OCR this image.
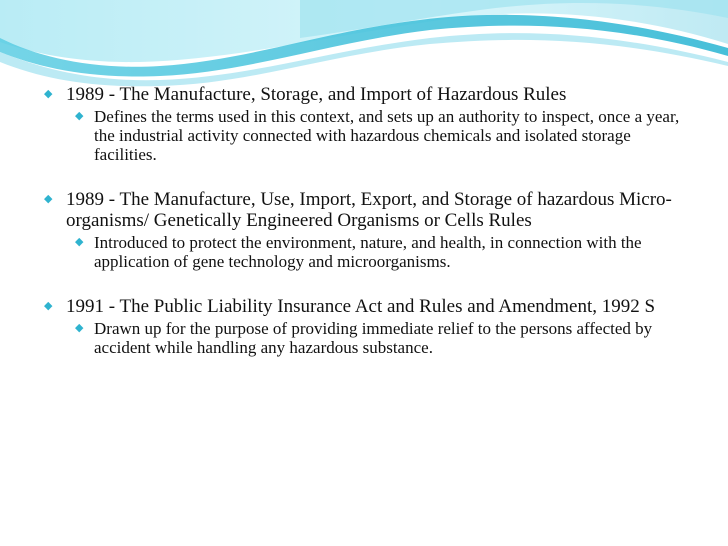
◆ 1989 - The Manufacture, Storage, and Import of Hazardous Rules
◆ Defines the terms used in this context, and sets up an authority to inspect, once a year, the industrial activity connected with hazardous chemicals and isolated storage facilities.
◆ 1989 - The Manufacture, Use, Import, Export, and Storage of hazardous Micro-organisms/ Genetically Engineered Organisms or Cells Rules
◆ Introduced to protect the environment, nature, and health, in connection with the application of gene technology and microorganisms.
◆ 1991 - The Public Liability Insurance Act and Rules and Amendment, 1992 S
◆ Drawn up for the purpose of providing immediate relief to the persons affected by accident while handling any hazardous substance.
